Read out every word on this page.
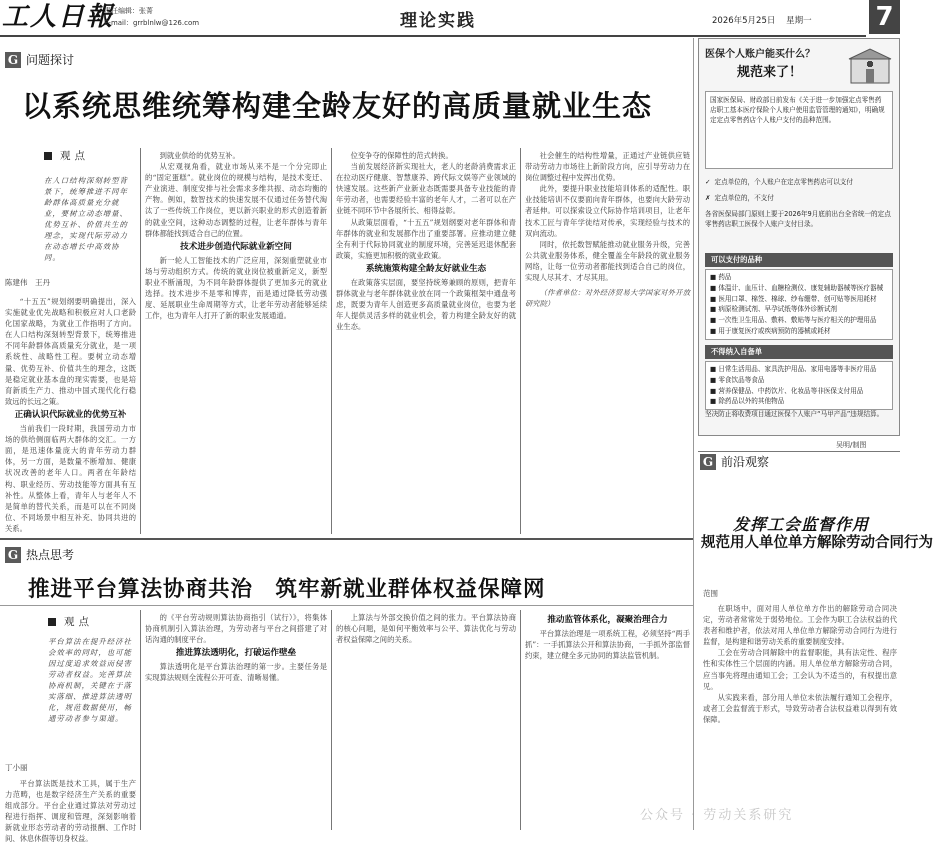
工人日報
责任编辑：张菁
E-mail：grrblnlw@126.com	理论实践	2026年5月25日 星期一 7
G 问题探讨
以系统思维统筹构建全龄友好的高质量就业生态
观点
在人口结构深刻转型背景下，统筹推进不同年龄群体高质量充分就业，要树立动态增量、优势互补、价值共生的理念，实现代际劳动力在动态增长中高效协同。
陈建伟　王丹

“十五五”规划纲要明确提出，深入实施就业优先战略和积极应对人口老龄化国家战略，为就业工作指明了方向。在人口结构深刻转型背景下，统筹推进不同年龄群体高质量充分就业，是一项系统性、战略性工程。要树立动态增量、优势互补、价值共生的理念，这既是稳定就业基本盘的现实需要，也是培育新质生产力、推动中国式现代化行稳致远的长远之策。

正确认识代际就业的优势互补

当前我们一段时期，我国劳动力市场的供给侧面临两大群体的交汇。一方面，是迅速体量庞大的青年劳动力群体，另一方面，是数量不断增加、健康状况改善的老年人口。两者在年龄结构、职业经历、劳动技能等方面具有互补性。从整体上看，青年人与老年人不是简单的替代关系，而是可以在不同岗位、不同场景中相互补充、协同共进的关系。

到就业供给的优势互补。

从宏观视角看，就业市场从来不是一个分完即止的“固定蛋糕”。就业岗位的规模与结构，是技术变迁、产业演进、制度安排与社会需求多维共振、动态均衡的产物。例如，数智技术的快速发展不仅通过任务替代淘汰了一些传统工作岗位，更以新兴职业的形式创造着新的就业空间，这种动态调整的过程，让老年群体与青年群体都能找到适合自己的位置。

技术进步创造代际就业新空间

新一轮人工智能技术的广泛应用，深刻重塑就业市场与劳动组织方式。传统的就业岗位被重新定义，新型职业不断涌现，为不同年龄群体提供了更加多元的就业选择。技术进步不是零和博弈，而是通过降低劳动强度、延展职业生命周期等方式，让老年劳动者能够延续工作，也为青年人打开了新的职业发展通道。

位变争夺的保障性的范式转换。

当前发展经济新实现社大，老人的老龄消费需求正在拉动医疗健康、智慧康养、跨代际文娱等产业领域的快速发展。这些新产业新业态既需要具备专业技能的青年劳动者，也需要经验丰富的老年人才，二者可以在产业链不同环节中各展所长、相得益彰。

从政策层面看，“十五五”规划纲要对老年群体和青年群体的就业和发展都作出了重要部署。应推动建立健全有利于代际协同就业的制度环境，完善延迟退休配套政策，实施更加积极的就业政策。

系统施策构建全龄友好就业生态

在政策落实层面，要坚持统筹兼顾的原则，把青年群体就业与老年群体就业放在同一个政策框架中通盘考虑，既要为青年人创造更多高质量就业岗位，也要为老年人提供灵活多样的就业机会，着力构建全龄友好的就业生态。

社会催生的结构性增量，正通过产业链供应链带动劳动力市场往上新阶段方向，应引导劳动力在岗位调整过程中发挥出优势。

此外，要提升职业技能培训体系的适配性。职业技能培训不仅要面向青年群体，也要向大龄劳动者延伸。可以探索设立代际协作培训项目，让老年技术工匠与青年学徒结对传承，实现经验与技术的双向流动。

同时，依托数智赋能推动就业服务升级，完善公共就业服务体系，健全覆盖全年龄段的就业服务网络，让每一位劳动者都能找到适合自己的岗位，实现人尽其才、才尽其用。

（作者单位：对外经济贸易大学国家对外开放研究院）

医保个人账户能买什么？
规范来了！
国家医保局、财政部日前发布《关于进一步加强定点零售药店职工基本医疗保险个人账户使用监管管理的通知》，明确规定定点零售药店个人账户支付的品种范围。
✓ 定点单位的，个人账户在定点零售药店可以支付
✗ 定点单位的，不支付
各省医保局部门原则上要于2026年9月底前出台全省统一的定点零售药店职工医保个人账户支付目录。
可以支付的品种
■ 药品
■ 体温计、血压计、血糖检测仪、康复辅助器械等医疗器械
■ 医用口罩、棉签、棉球、纱布绷带、创可贴等医用耗材
■ 病原检测试剂、早孕试纸等体外诊断试剂
■ 一次性卫生用品、敷料、敷贴等与医疗相关的护理用品
■ 用于康复医疗或疾病预防的器械或耗材
不得纳入自备单
■ 日常生活用品、家具洗护用品、家用电器等非医疗用品
■ 零食饮品等食品
■ 营养保健品、中药饮片、化妆品等非医保支付用品
■ 除药品以外的其他物品
坚决防止将收费项目通过医保个人账户“马甲产品”违规结算。
吴明/制图
G 前沿观察
发挥工会监督作用
规范用人单位单方解除劳动合同行为
范围

在职场中，面对用人单位单方作出的解除劳动合同决定，劳动者常常处于弱势地位。工会作为职工合法权益的代表者和维护者，依法对用人单位单方解除劳动合同行为进行监督，是构建和谐劳动关系的重要制度安排。

工会在劳动合同解除中的监督职能，具有法定性、程序性和实体性三个层面的内涵。用人单位单方解除劳动合同，应当事先将理由通知工会；工会认为不适当的，有权提出意见。

从实践来看，部分用人单位未依法履行通知工会程序，或者工会监督流于形式，导致劳动者合法权益难以得到有效保障。

G 热点思考
推进平台算法协商共治　筑牢新就业群体权益保障网
观点
平台算法在提升经济社会效率的同时，也可能因过度追求效益而侵害劳动者权益。完善算法协商机制，关键在于落实落细、推进算法透明化，规范数据使用，畅通劳动者参与渠道。
丁小丽

平台算法既是技术工具，属于生产力范畴，也是数字经济生产关系的重要组成部分。平台企业通过算法对劳动过程进行指挥、调度和管理，深刻影响着新就业形态劳动者的劳动报酬、工作时间、休息休假等切身权益。

的《平台劳动规则算法协商指引（试行）》，将集体协商机制引入算法治理，为劳动者与平台之间搭建了对话沟通的制度平台。

推进算法透明化，打破运作壁垒

算法透明化是平台算法治理的第一步。主要任务是实现算法规则全流程公开可查、清晰易懂。

上算法与外部交换价值之间的张力。平台算法协商的核心问题，是如何平衡效率与公平、算法优化与劳动者权益保障之间的关系。

推动监管体系化，凝聚治理合力

平台算法治理是一项系统工程，必须坚持“两手抓”：一手抓算法公开和算法协商，一手抓外部监督约束，建立健全多元协同的算法监管机制。

公众号 · 劳动关系研究
